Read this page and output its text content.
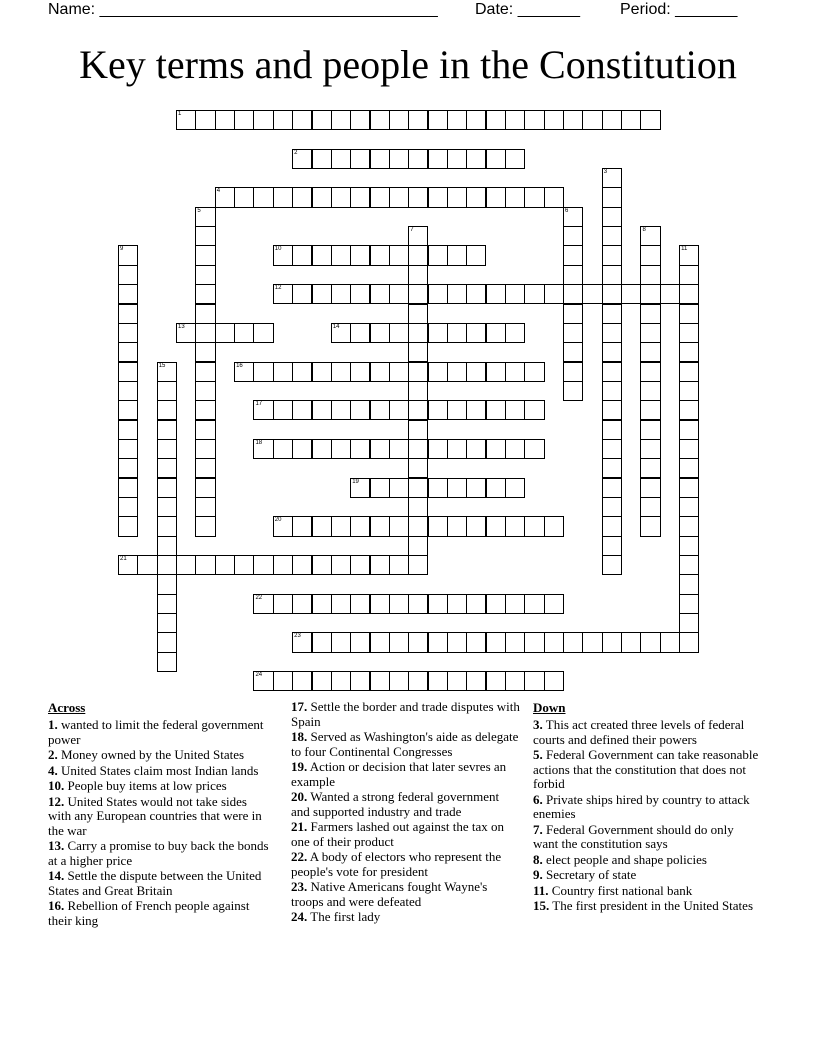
Name: ______________________________________ Date: _______	Period: _______
Key terms and people in the Constitution
1
2
4
10
12
13	14
16
17
18
19
20
21
22
23
24
3
5	6
7	8
9	11
15
Across
1. wanted to limit the federal government power
2. Money owned by the United States
4. United States claim most Indian lands
10. People buy items at low prices
12. United States would not take sides with any European countries that were in the war
13. Carry a promise to buy back the bonds at a higher price
14. Settle the dispute between the United States and Great Britain
16. Rebellion of French people against their king
17. Settle the border and trade disputes with Spain
18. Served as Washington's aide as delegate to four Continental Congresses
19. Action or decision that later sevres an example
20. Wanted a strong federal government and supported industry and trade
21. Farmers lashed out against the tax on one of their product
22. A body of electors who represent the people's vote for president
23. Native Americans fought Wayne's troops and were defeated
24. The first lady
Down
3. This act created three levels of federal courts and defined their powers
5. Federal Government can take reasonable actions that the constitution that does not forbid
6. Private ships hired by country to attack enemies
7. Federal Government should do only want the constitution says
8. elect people and shape policies
9. Secretary of state
11. Country first national bank
15. The first president in the United States
